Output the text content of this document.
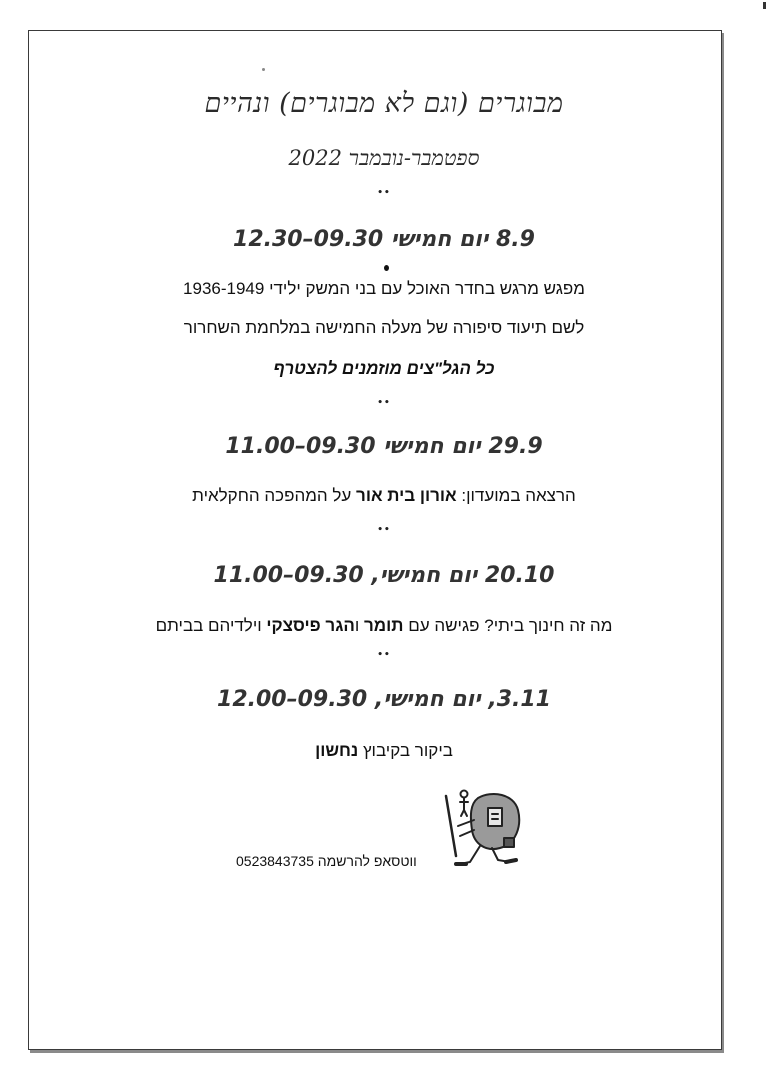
מבוגרים (וגם לא מבוגרים) ונהיים
ספטמבר-נובמבר 2022
••
8.9 יום חמישי 09.30–12.30
מפגש מרגש בחדר האוכל עם בני המשק ילידי 1936-1949
לשם תיעוד סיפורה של מעלה החמישה במלחמת השחרור
כל הגל"צים מוזמנים להצטרף
••
29.9 יום חמישי 09.30–11.00
הרצאה במועדון: אורון בית אור על המהפכה החקלאית
••
20.10 יום חמישי, 09.30–11.00
מה זה חינוך ביתי? פגישה עם תומר והגר פיסצקי וילדיהם בביתם
••
3.11, יום חמישי, 09.30–12.00
ביקור בקיבוץ נחשון
ווטסאפ להרשמה 0523843735
